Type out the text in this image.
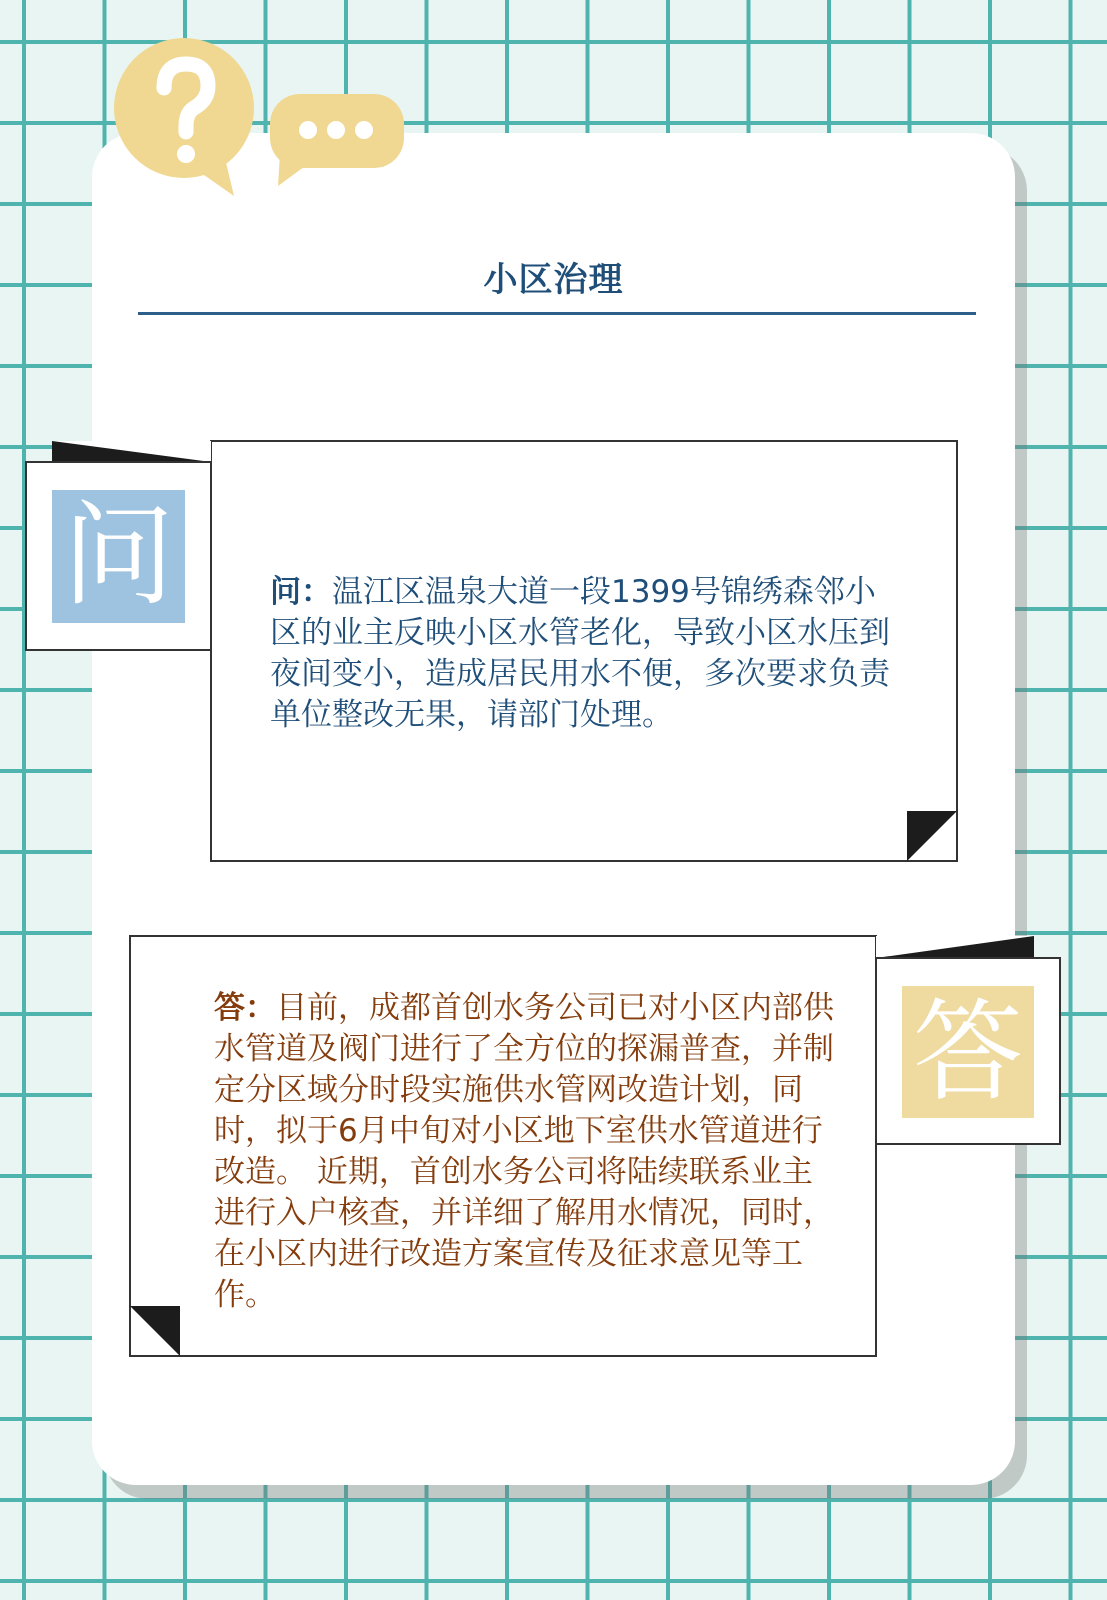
小区治理
问
答
问：温江区温泉大道一段1399号锦绣森邻小区的业主反映小区水管老化，导致小区水压到夜间变小，造成居民用水不便，多次要求负责单位整改无果，请部门处理。
答：目前，成都首创水务公司已对小区内部供水管道及阀门进行了全方位的探漏普查，并制定分区域分时段实施供水管网改造计划，同时，拟于6月中旬对小区地下室供水管道进行改造。 近期，首创水务公司将陆续联系业主进行入户核查，并详细了解用水情况，同时，在小区内进行改造方案宣传及征求意见等工作。
